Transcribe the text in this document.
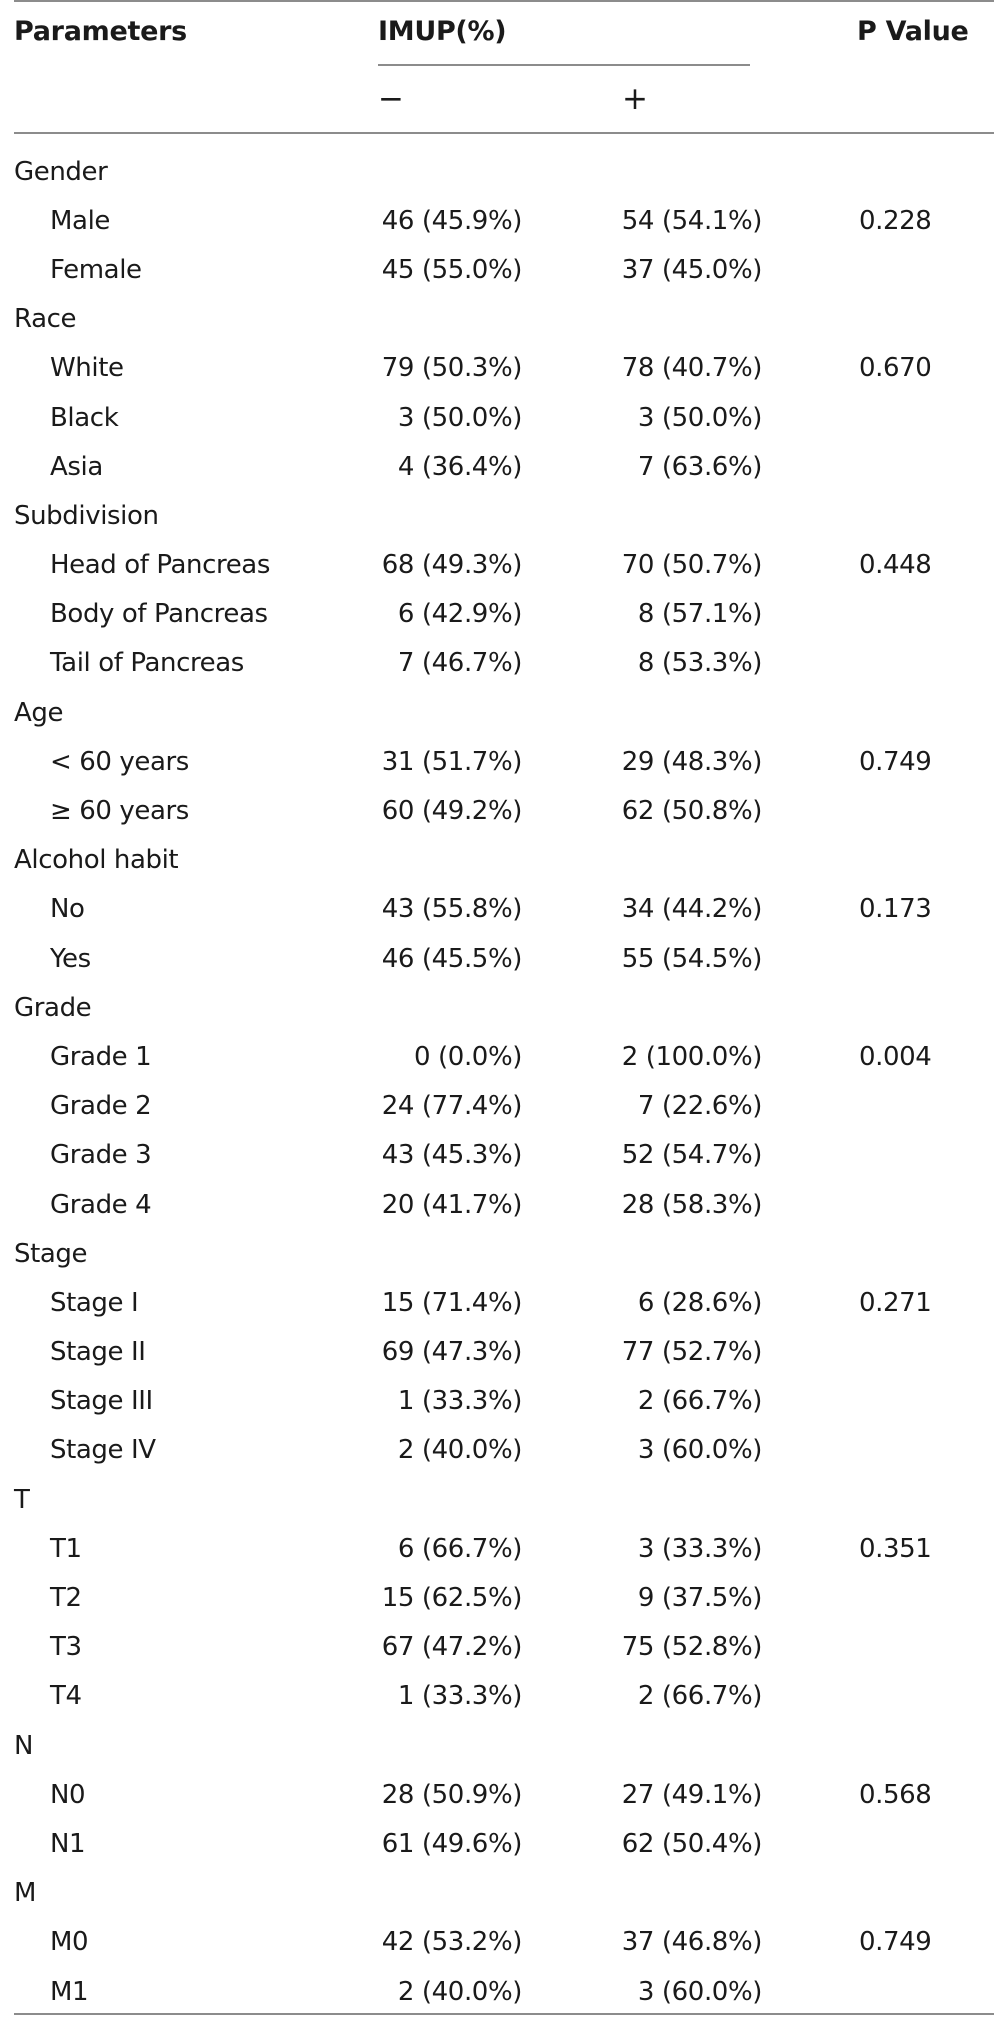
Parameters	IMUP(%)	P Value
−	+
Gender
Male	46 (45.9%)	54 (54.1%)	0.228
Female	45 (55.0%)	37 (45.0%)
Race
White	79 (50.3%)	78 (40.7%)	0.670
Black	3 (50.0%)	3 (50.0%)
Asia	4 (36.4%)	7 (63.6%)
Subdivision
Head of Pancreas	68 (49.3%)	70 (50.7%)	0.448
Body of Pancreas	6 (42.9%)	8 (57.1%)
Tail of Pancreas	7 (46.7%)	8 (53.3%)
Age
< 60 years	31 (51.7%)	29 (48.3%)	0.749
≥ 60 years	60 (49.2%)	62 (50.8%)
Alcohol habit
No	43 (55.8%)	34 (44.2%)	0.173
Yes	46 (45.5%)	55 (54.5%)
Grade
Grade 1	0 (0.0%)	2 (100.0%)	0.004
Grade 2	24 (77.4%)	7 (22.6%)
Grade 3	43 (45.3%)	52 (54.7%)
Grade 4	20 (41.7%)	28 (58.3%)
Stage
Stage I	15 (71.4%)	6 (28.6%)	0.271
Stage II	69 (47.3%)	77 (52.7%)
Stage III	1 (33.3%)	2 (66.7%)
Stage IV	2 (40.0%)	3 (60.0%)
T
T1	6 (66.7%)	3 (33.3%)	0.351
T2	15 (62.5%)	9 (37.5%)
T3	67 (47.2%)	75 (52.8%)
T4	1 (33.3%)	2 (66.7%)
N
N0	28 (50.9%)	27 (49.1%)	0.568
N1	61 (49.6%)	62 (50.4%)
M
M0	42 (53.2%)	37 (46.8%)	0.749
M1	2 (40.0%)	3 (60.0%)
